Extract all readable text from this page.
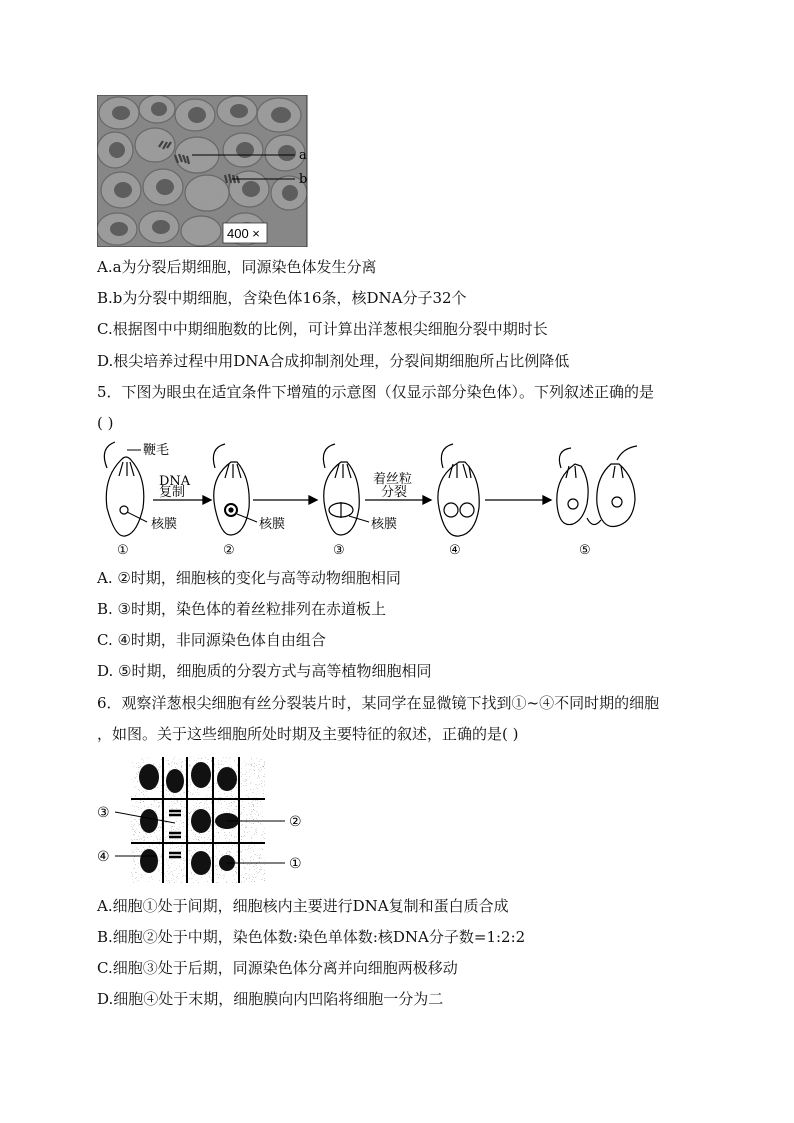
a
b
400 ×
A.a为分裂后期细胞，同源染色体发生分离
B.b为分裂中期细胞，含染色体16条，核DNA分子32个
C.根据图中中期细胞数的比例，可计算出洋葱根尖细胞分裂中期时长
D.根尖培养过程中用DNA合成抑制剂处理，分裂间期细胞所占比例降低
5．下图为眼虫在适宜条件下增殖的示意图（仅显示部分染色体）。下列叙述正确的是
( )
鞭毛
DNA
复制
着丝粒
分裂
核膜	核膜	核膜
①	②	③	④	⑤
A. ②时期，细胞核的变化与高等动物细胞相同
B. ③时期，染色体的着丝粒排列在赤道板上
C. ④时期，非同源染色体自由组合
D. ⑤时期，细胞质的分裂方式与高等植物细胞相同
6．观察洋葱根尖细胞有丝分裂装片时，某同学在显微镜下找到①~④不同时期的细胞
，如图。关于这些细胞所处时期及主要特征的叙述，正确的是( )
③
④
②
①
A.细胞①处于间期，细胞核内主要进行DNA复制和蛋白质合成
B.细胞②处于中期，染色体数:染色单体数:核DNA分子数=1:2:2
C.细胞③处于后期，同源染色体分离并向细胞两极移动
D.细胞④处于末期，细胞膜向内凹陷将细胞一分为二
